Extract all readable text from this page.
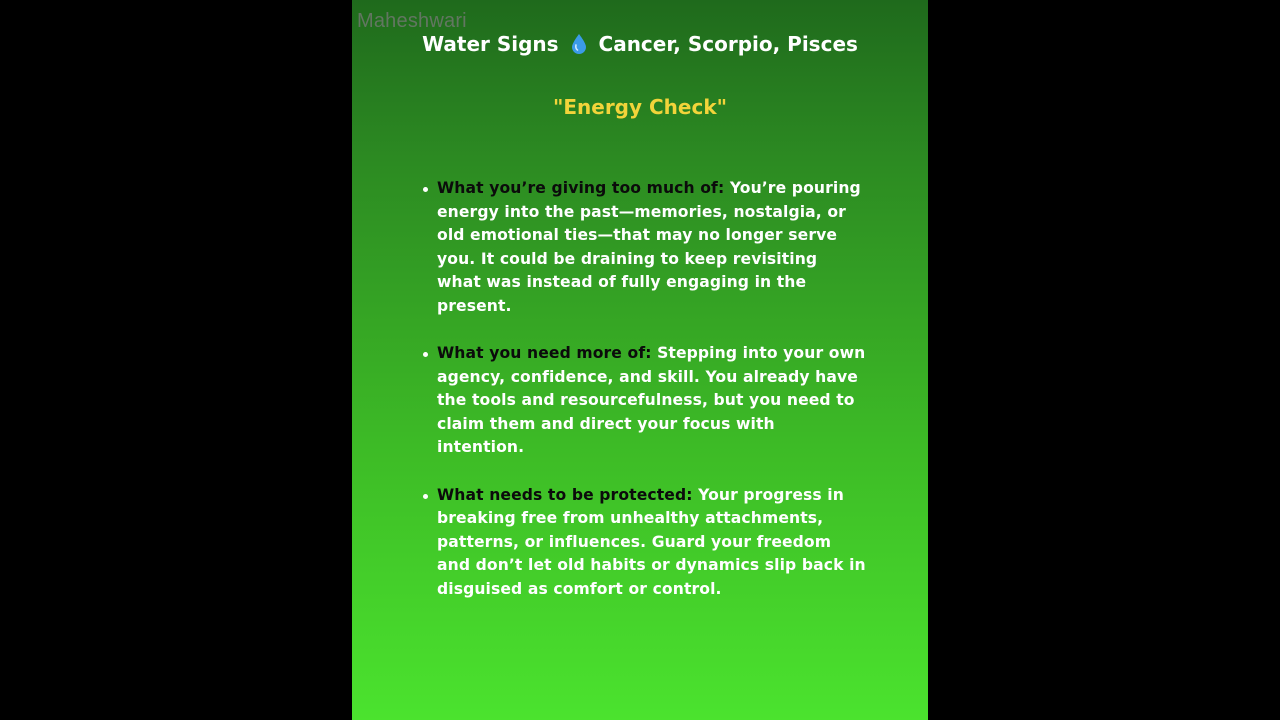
Maheshwari
Water Signs Cancer, Scorpio, Pisces
"Energy Check"
What you’re giving too much of: You’re pouring energy into the past—memories, nostalgia, or old emotional ties—that may no longer serve you. It could be draining to keep revisiting what was instead of fully engaging in the present.
What you need more of: Stepping into your own agency, confidence, and skill. You already have the tools and resourcefulness, but you need to claim them and direct your focus with intention.
What needs to be protected: Your progress in breaking free from unhealthy attachments, patterns, or influences. Guard your freedom and don’t let old habits or dynamics slip back in disguised as comfort or control.
